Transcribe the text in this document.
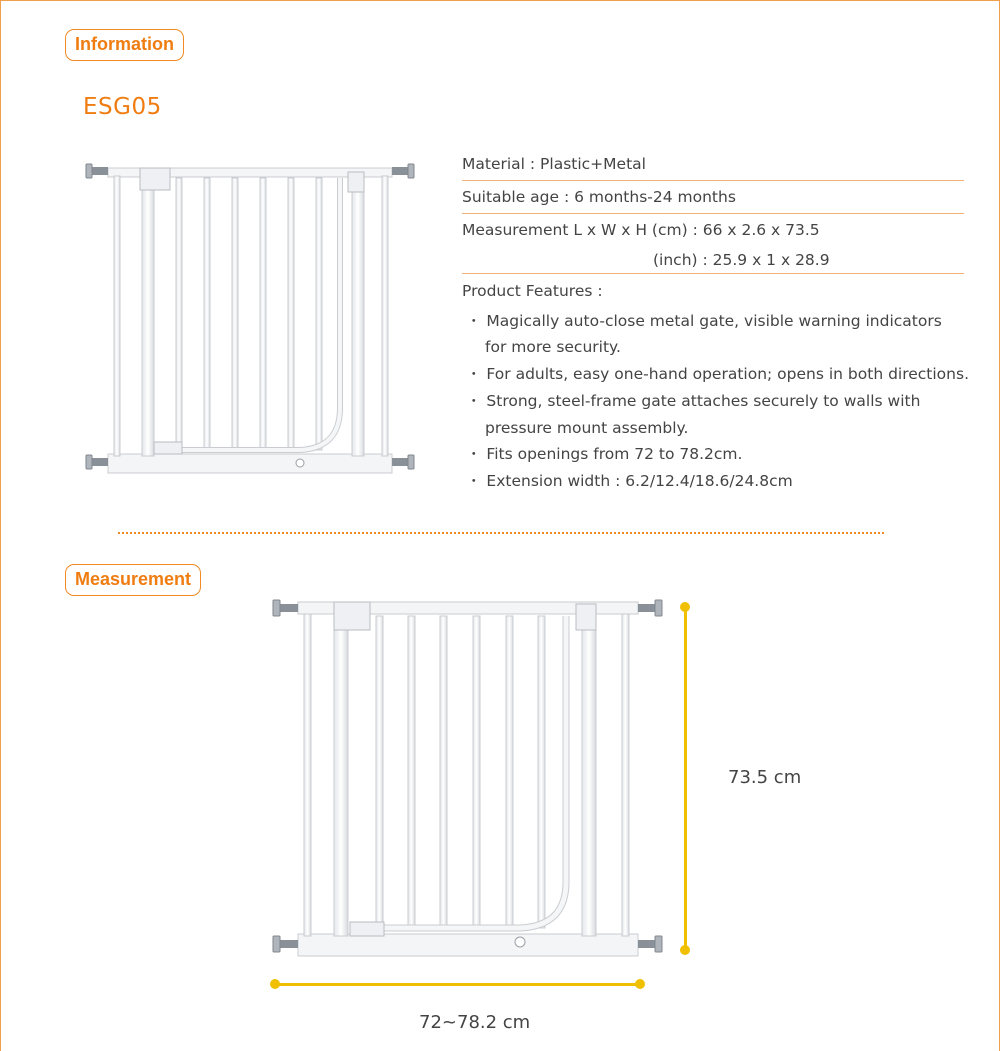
Information
ESG05
Material : Plastic+Metal
Suitable age : 6 months-24 months
Measurement L x W x H (cm) : 66 x 2.6 x 73.5
(inch) : 25.9 x 1 x 28.9
Product Features :
・ Magically auto-close metal gate, visible warning indicators
for more security.
・ For adults, easy one-hand operation; opens in both directions.
・ Strong, steel-frame gate attaches securely to walls with
pressure mount assembly.
・ Fits openings from 72 to 78.2cm.
・ Extension width : 6.2/12.4/18.6/24.8cm
Measurement
73.5 cm
72~78.2 cm
